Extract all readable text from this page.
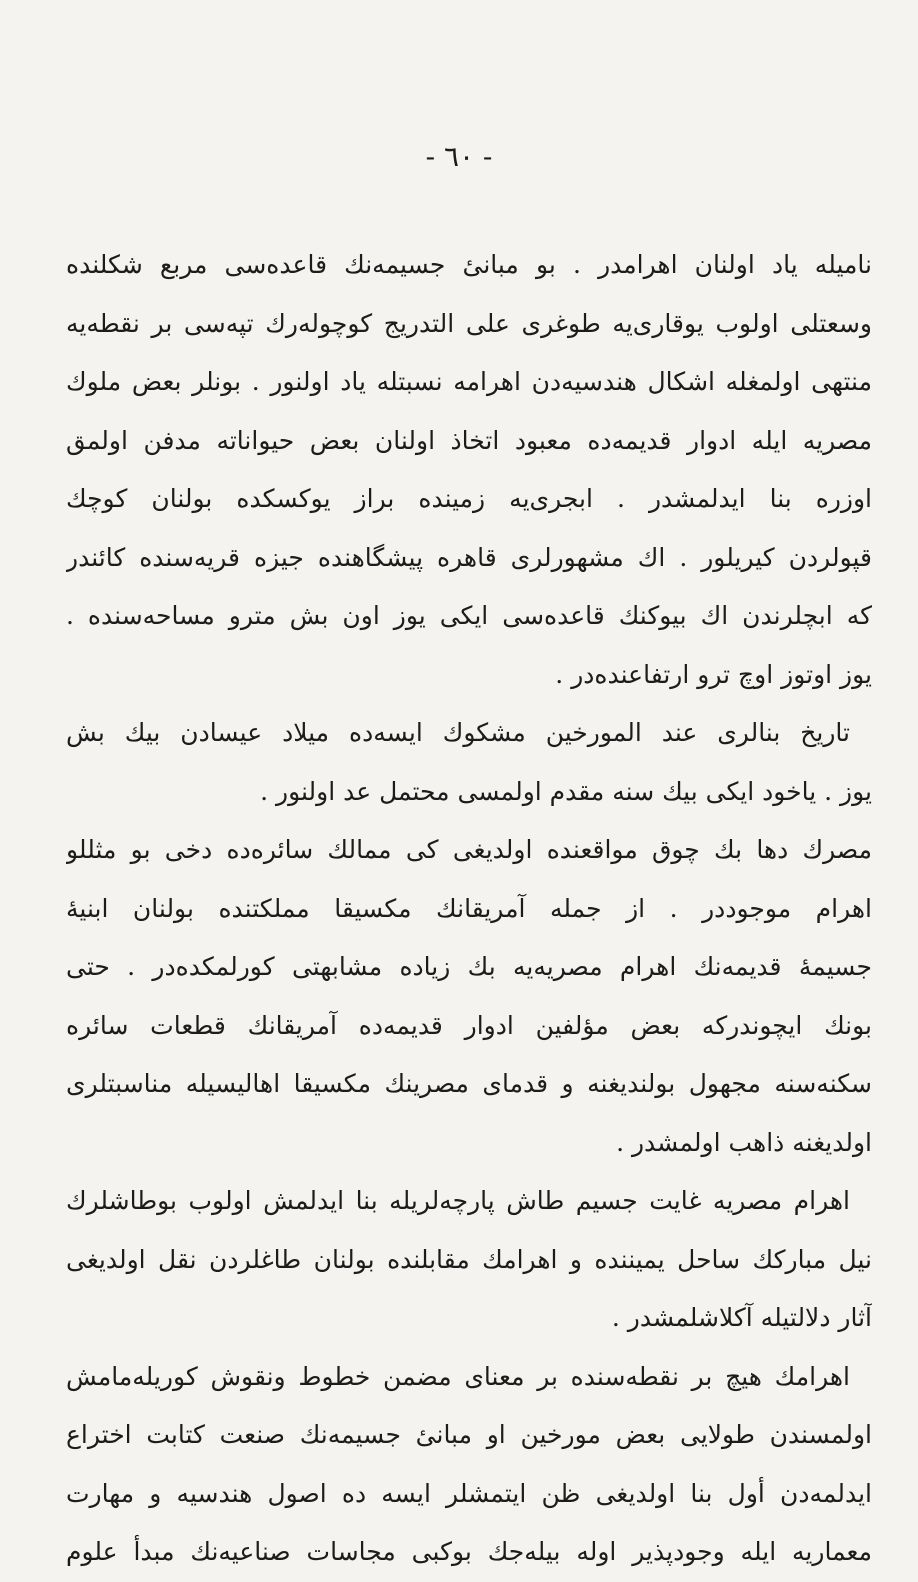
- ٦٠ -
ناميله ياد اولنان اهرامدر . بو مبانیٔ جسيمه‌نك قاعده‌سی مربع شكلنده
وسعتلی اولوب يوقاری‌يه طوغری علی التدريج كوچوله‌رك تپه‌سی بر نقطه‌يه
منتهی اولمغله اشكال هندسيه‌دن اهرامه نسبتله ياد اولنور . بونلر بعض ملوك
مصريه ايله ادوار قديمه‌ده معبود اتخاذ اولنان بعض حيواناته مدفن اولمق
اوزره بنا ايدلمشدر . ابجری‌يه زمينده براز يوكسكده بولنان كوچك
قپولردن كيريلور . اك مشهورلری قاهره پيشگاهنده جيزه قريه‌سنده كائندر
كه ابچلرندن اك بيوكنك قاعده‌سی ايكی يوز اون بش مترو مساحه‌سنده .
يوز اوتوز اوچ ترو ارتفاعنده‌در .
تاريخ بنالری عند المورخين مشكوك ايسه‌ده ميلاد عيسادن بيك بش
يوز . ياخود ايكی بيك سنه مقدم اولمسی محتمل عد اولنور .
مصرك دها بك چوق مواقعنده اولديغی كی ممالك سائره‌ده دخی بو مثللو
اهرام موجوددر . از جمله آمريقانك مكسيقا مملكتنده بولنان ابنيهٔ
جسيمهٔ قديمه‌نك اهرام مصريه‌يه بك زياده مشابهتی كورلمكده‌در . حتی
بونك ايچوندركه بعض مؤلفين ادوار قديمه‌ده آمريقانك قطعات سائره
سكنه‌سنه مجهول بولنديغنه و قدمای مصرينك مكسيقا اهاليسيله مناسبتلری
اولديغنه ذاهب اولمشدر .
اهرام مصريه غايت جسيم طاش پارچه‌لريله بنا ايدلمش اولوب بوطاشلرك
نيل مباركك ساحل يميننده و اهرامك مقابلنده بولنان طاغلردن نقل اولديغی
آثار دلالتيله آكلاشلمشدر .
اهرامك هيچ بر نقطه‌سنده بر معنای مضمن خطوط ونقوش كوريله‌مامش
اولمسندن طولايی بعض مورخين او مبانیٔ جسيمه‌نك صنعت كتابت اختراع
ايدلمه‌دن أول بنا اولديغی ظن ايتمشلر ايسه ده اصول هندسيه و مهارت
معماريه ايله وجودپذير اوله بيله‌جك بوكبی مجاسات صناعيه‌نك مبدأ علوم
